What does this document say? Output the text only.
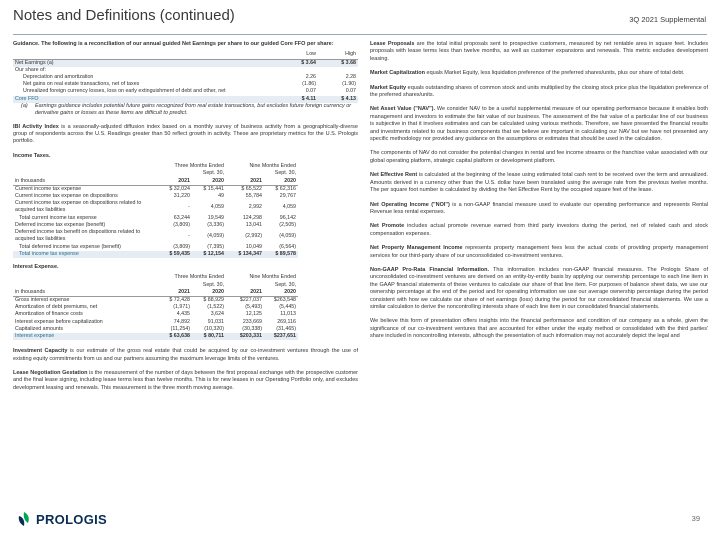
Notes and Definitions (continued)	3Q 2021 Supplemental

Guidance. The following is a reconciliation of our annual guided Net Earnings per share to our guided Core FFO per share:

	Low	High
Net Earnings (a)	$ 3.64	$ 3.68
Our share of:		
Depreciation and amortization	2.26	2.28
Net gains on real estate transactions, net of taxes	(1.86)	(1.90)
Unrealized foreign currency losses, loss on early extinguishment of debt and other, net	0.07	0.07
Core FFO	$ 4.11	$ 4.13
(a) Earnings guidance includes potential future gains recognized from real estate transactions, but excludes future foreign currency or derivative gains or losses as these items are difficult to predict.

IBI Activity Index is a seasonally-adjusted diffusion index based on a monthly survey of business activity from a geographically-diverse group of respondents across the U.S. Readings greater than 50 reflect growth in activity. These are proprietary metrics for the U.S. Prologis portfolio.

Income Taxes.
	Three Months Ended		Nine Months Ended	
	Sept. 30,		Sept. 30,	
in thousands	2021	2020	2021	2020
Current income tax expense	$ 32,024	$ 15,441	$ 65,522	$ 62,316
Current income tax expense on dispositions	31,220	49	55,784	29,767
Current income tax expense on dispositions related to acquired tax liabilities	-	4,059	2,992	4,059
Total current income tax expense	63,244	19,549	124,298	96,142
Deferred income tax expense (benefit)	(3,809)	(3,336)	13,041	(2,505)
Deferred income tax benefit on dispositions related to acquired tax liabilities	-	(4,059)	(2,992)	(4,059)
Total deferred income tax expense (benefit)	(3,809)	(7,395)	10,049	(6,564)
Total income tax expense	$ 59,435	$ 12,154	$ 134,347	$ 89,578
Interest Expense.
	Three Months Ended		Nine Months Ended	
	Sept. 30,		Sept. 30,	
in thousands	2021	2020	2021	2020
Gross interest expense	$ 72,428	$ 88,929	$227,037	$263,548
Amortization of debt premiums, net	(1,971)	(1,522)	(5,493)	(5,445)
Amortization of finance costs	4,435	3,624	12,125	11,013
Interest expense before capitalization	74,892	91,031	233,669	269,116
Capitalized amounts	(11,254)	(10,320)	(30,338)	(31,465)
Interest expense	$ 63,638	$ 80,711	$203,331	$237,651

Investment Capacity is our estimate of the gross real estate that could be acquired by our co-investment ventures through the use of existing equity commitments from us and our partners assuming the maximum leverage limits of the ventures.

Lease Negotiation Gestation is the measurement of the number of days between the first proposal exchange with the prospective customer and the final lease signing, including lease terms less than twelve months. This is for new leases in our Operating Portfolio only, and excludes development leasing and renewals. This measurement is the three month moving average.

Lease Proposals are the total initial proposals sent to prospective customers, measured by net rentable area in square feet. Includes proposals with lease terms less than twelve months, as well as customer expansions and renewals. This metric excludes development leasing.

Market Capitalization equals Market Equity, less liquidation preference of the preferred shares/units, plus our share of total debt.

Market Equity equals outstanding shares of common stock and units multiplied by the closing stock price plus the liquidation preference of the preferred shares/units.

Net Asset Value ("NAV"). We consider NAV to be a useful supplemental measure of our operating performance because it enables both management and investors to estimate the fair value of our business. The assessment of the fair value of a particular line of our business is subjective in that it involves estimates and can be calculated using various methods. Therefore, we have presented the financial results and investments related to our business components that we believe are important in calculating our NAV but we have not presented any specific methodology nor provided any guidance on the assumptions or estimates that should be used in the calculation.

The components of NAV do not consider the potential changes in rental and fee income streams or the franchise value associated with our global operating platform, strategic capital platform or development platform.

Net Effective Rent is calculated at the beginning of the lease using estimated total cash rent to be received over the term and annualized. Amounts derived in a currency other than the U.S. dollar have been translated using the average rate from the previous twelve months. The per square foot number is calculated by dividing the Net Effective Rent by the occupied square feet of the lease.

Net Operating Income ("NOI") is a non-GAAP financial measure used to evaluate our operating performance and represents Rental Revenue less rental expenses.

Net Promote includes actual promote revenue earned from third party investors during the period, net of related cash and stock compensation expenses.

Net Property Management Income represents property management fees less the actual costs of providing property management services for our third-party share of our unconsolidated co-investment ventures.

Non-GAAP Pro-Rata Financial Information. This information includes non-GAAP financial measures. The Prologis Share of unconsolidated co-investment ventures are derived on an entity-by-entity basis by applying our ownership percentage to each line item in the GAAP financial statements of these ventures to calculate our share of that line item. For purposes of balance sheet data, we use our ownership percentage at the end of the period and for operating information we use our average ownership percentage during the period consistent with how we calculate our share of net earnings (loss) during the period for our consolidated financial statements. We use a similar calculation to derive the noncontrolling interests share of each line item in our consolidated financial statements.

We believe this form of presentation offers insights into the financial performance and condition of our company as a whole, given the significance of our co-investment ventures that are accounted for either under the equity method or consolidated with the third parties' share included in noncontrolling interests, although the presentation of such information may not accurately depict the legal and

PROLOGIS	39
